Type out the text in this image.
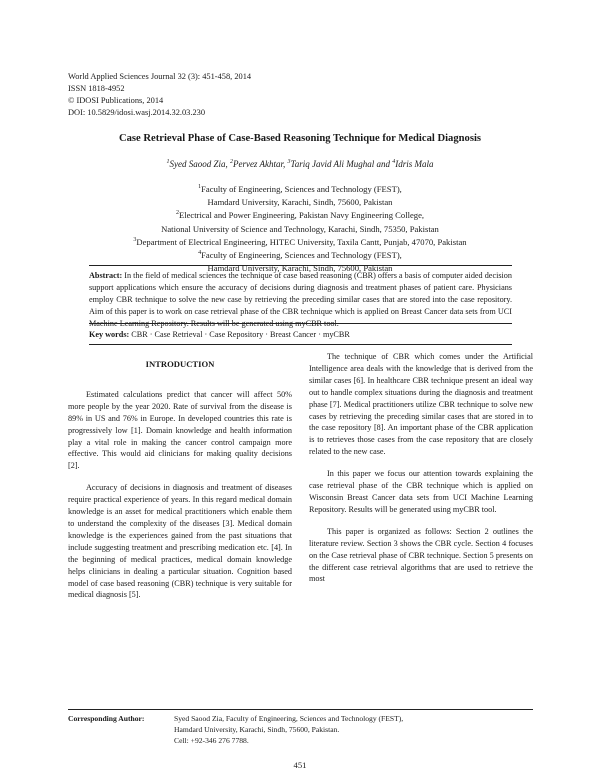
World Applied Sciences Journal 32 (3): 451-458, 2014
ISSN 1818-4952
© IDOSI Publications, 2014
DOI: 10.5829/idosi.wasj.2014.32.03.230
Case Retrieval Phase of Case-Based Reasoning Technique for Medical Diagnosis
$^1$Syed Saood Zia, $^2$Pervez Akhtar, $^3$Tariq Javid Ali Mughal and $^4$Idris Mala
$^1$Faculty of Engineering, Sciences and Technology (FEST),
Hamdard University, Karachi, Sindh, 75600, Pakistan
$^2$Electrical and Power Engineering, Pakistan Navy Engineering College,
National University of Science and Technology, Karachi, Sindh, 75350, Pakistan
$^3$Department of Electrical Engineering, HITEC University, Taxila Cantt, Punjab, 47070, Pakistan
$^4$Faculty of Engineering, Sciences and Technology (FEST),
Hamdard University, Karachi, Sindh, 75600, Pakistan
Abstract: In the field of medical sciences the technique of case based reasoning (CBR) offers a basis of computer aided decision support applications which ensure the accuracy of decisions during diagnosis and treatment phases of patient care. Physicians employ CBR technique to solve the new case by retrieving the preceding similar cases that are stored into the case repository. Aim of this paper is to work on case retrieval phase of the CBR technique which is applied on Breast Cancer data sets from UCI Machine Learning Repository. Results will be generated using myCBR tool.
Key words: CBR · Case Retrieval · Case Repository · Breast Cancer · myCBR

INTRODUCTION

Estimated calculations predict that cancer will affect 50% more people by the year 2020. Rate of survival from the disease is 89% in US and 76% in Europe. In developed countries this rate is progressively low [1]. Domain knowledge and health information play a vital role in making the cancer control campaign more effective. This would aid clinicians for making quality decisions [2].

Accuracy of decisions in diagnosis and treatment of diseases require practical experience of years. In this regard medical domain knowledge is an asset for medical practitioners which enable them to understand the complexity of the diseases [3]. Medical domain knowledge is the experiences gained from the past situations that include suggesting treatment and prescribing medication etc. [4]. In the beginning of medical practices, medical domain knowledge helps clinicians in dealing a particular situation. Cognition based model of case based reasoning (CBR) technique is very suitable for medical diagnosis [5].

The technique of CBR which comes under the Artificial Intelligence area deals with the knowledge that is derived from the similar cases [6]. In healthcare CBR technique present an ideal way out to handle complex situations during the diagnosis and treatment phase [7]. Medical practitioners utilize CBR technique to solve new cases by retrieving the preceding similar cases that are stored in to the case repository [8]. An important phase of the CBR application is to retrieves those cases from the case repository that are closely related to the new case.

In this paper we focus our attention towards explaining the case retrieval phase of the CBR technique which is applied on Wisconsin Breast Cancer data sets from UCI Machine Learning Repository. Results will be generated using myCBR tool.

This paper is organized as follows: Section 2 outlines the literature review. Section 3 shows the CBR cycle. Section 4 focuses on the Case retrieval phase of CBR technique. Section 5 presents on the different case retrieval algorithms that are used to retrieve the most

Corresponding Author:	Syed Saood Zia, Faculty of Engineering, Sciences and Technology (FEST),
Hamdard University, Karachi, Sindh, 75600, Pakistan.
Cell: +92-346 276 7788.
451
